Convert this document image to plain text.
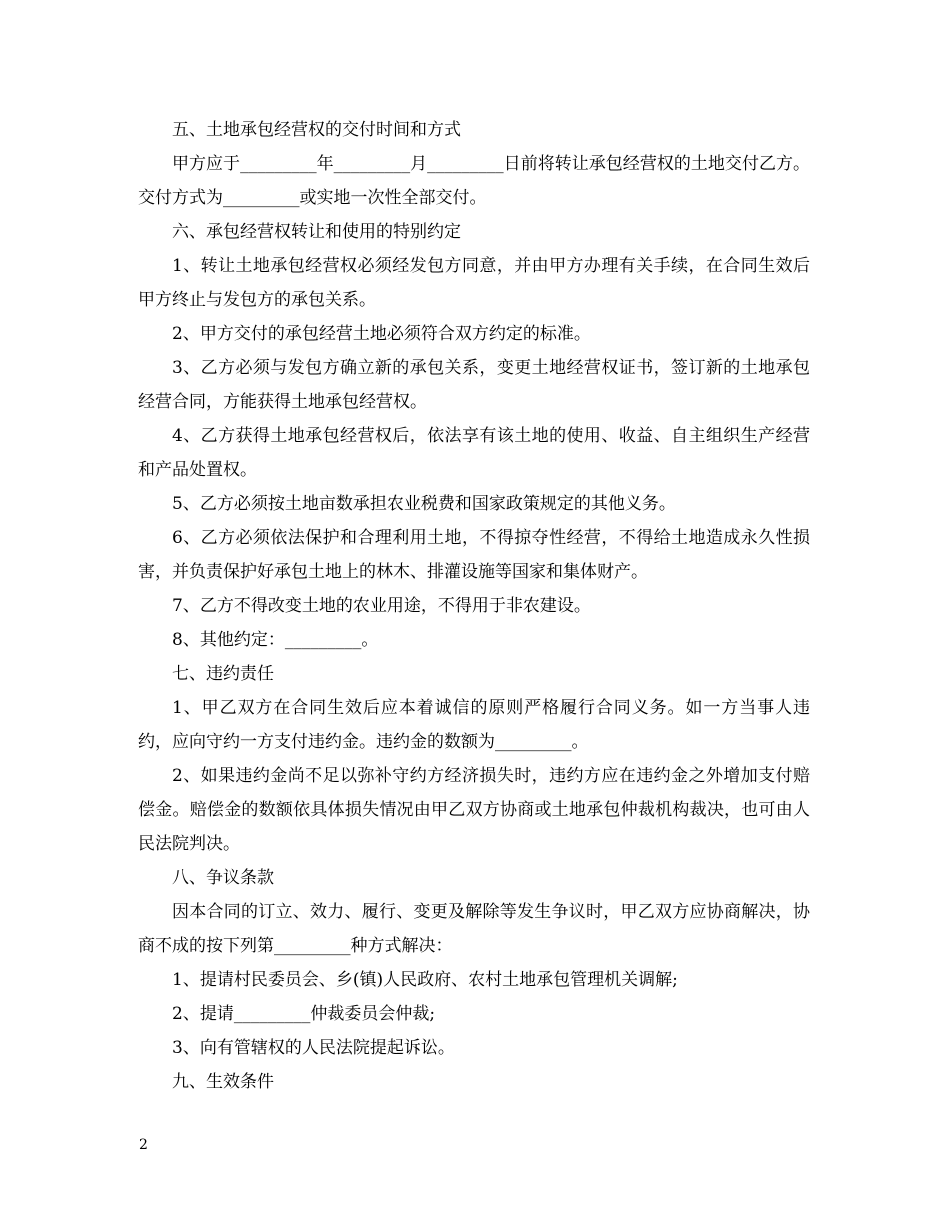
五、土地承包经营权的交付时间和方式

甲方应于_________年_________月_________日前将转让承包经营权的土地交付乙方。 交付方式为_________或实地一次性全部交付。

六、承包经营权转让和使用的特别约定

1、转让土地承包经营权必须经发包方同意，并由甲方办理有关手续，在合同生效后甲方终止与发包方的承包关系。

2、甲方交付的承包经营土地必须符合双方约定的标准。

3、乙方必须与发包方确立新的承包关系，变更土地经营权证书，签订新的土地承包经营合同，方能获得土地承包经营权。

4、乙方获得土地承包经营权后，依法享有该土地的使用、收益、自主组织生产经营和产品处置权。

5、乙方必须按土地亩数承担农业税费和国家政策规定的其他义务。

6、乙方必须依法保护和合理利用土地，不得掠夺性经营，不得给土地造成永久性损害，并负责保护好承包土地上的林木、排灌设施等国家和集体财产。

7、乙方不得改变土地的农业用途，不得用于非农建设。

8、其他约定：_________。

七、违约责任

1、甲乙双方在合同生效后应本着诚信的原则严格履行合同义务。如一方当事人违约，应向守约一方支付违约金。违约金的数额为_________。

2、如果违约金尚不足以弥补守约方经济损失时，违约方应在违约金之外增加支付赔偿金。赔偿金的数额依具体损失情况由甲乙双方协商或土地承包仲裁机构裁决，也可由人民法院判决。

八、争议条款

因本合同的订立、效力、履行、变更及解除等发生争议时，甲乙双方应协商解决，协商不成的按下列第_________种方式解决：

1、提请村民委员会、乡(镇)人民政府、农村土地承包管理机关调解;

2、提请_________仲裁委员会仲裁;

3、向有管辖权的人民法院提起诉讼。

九、生效条件

2
